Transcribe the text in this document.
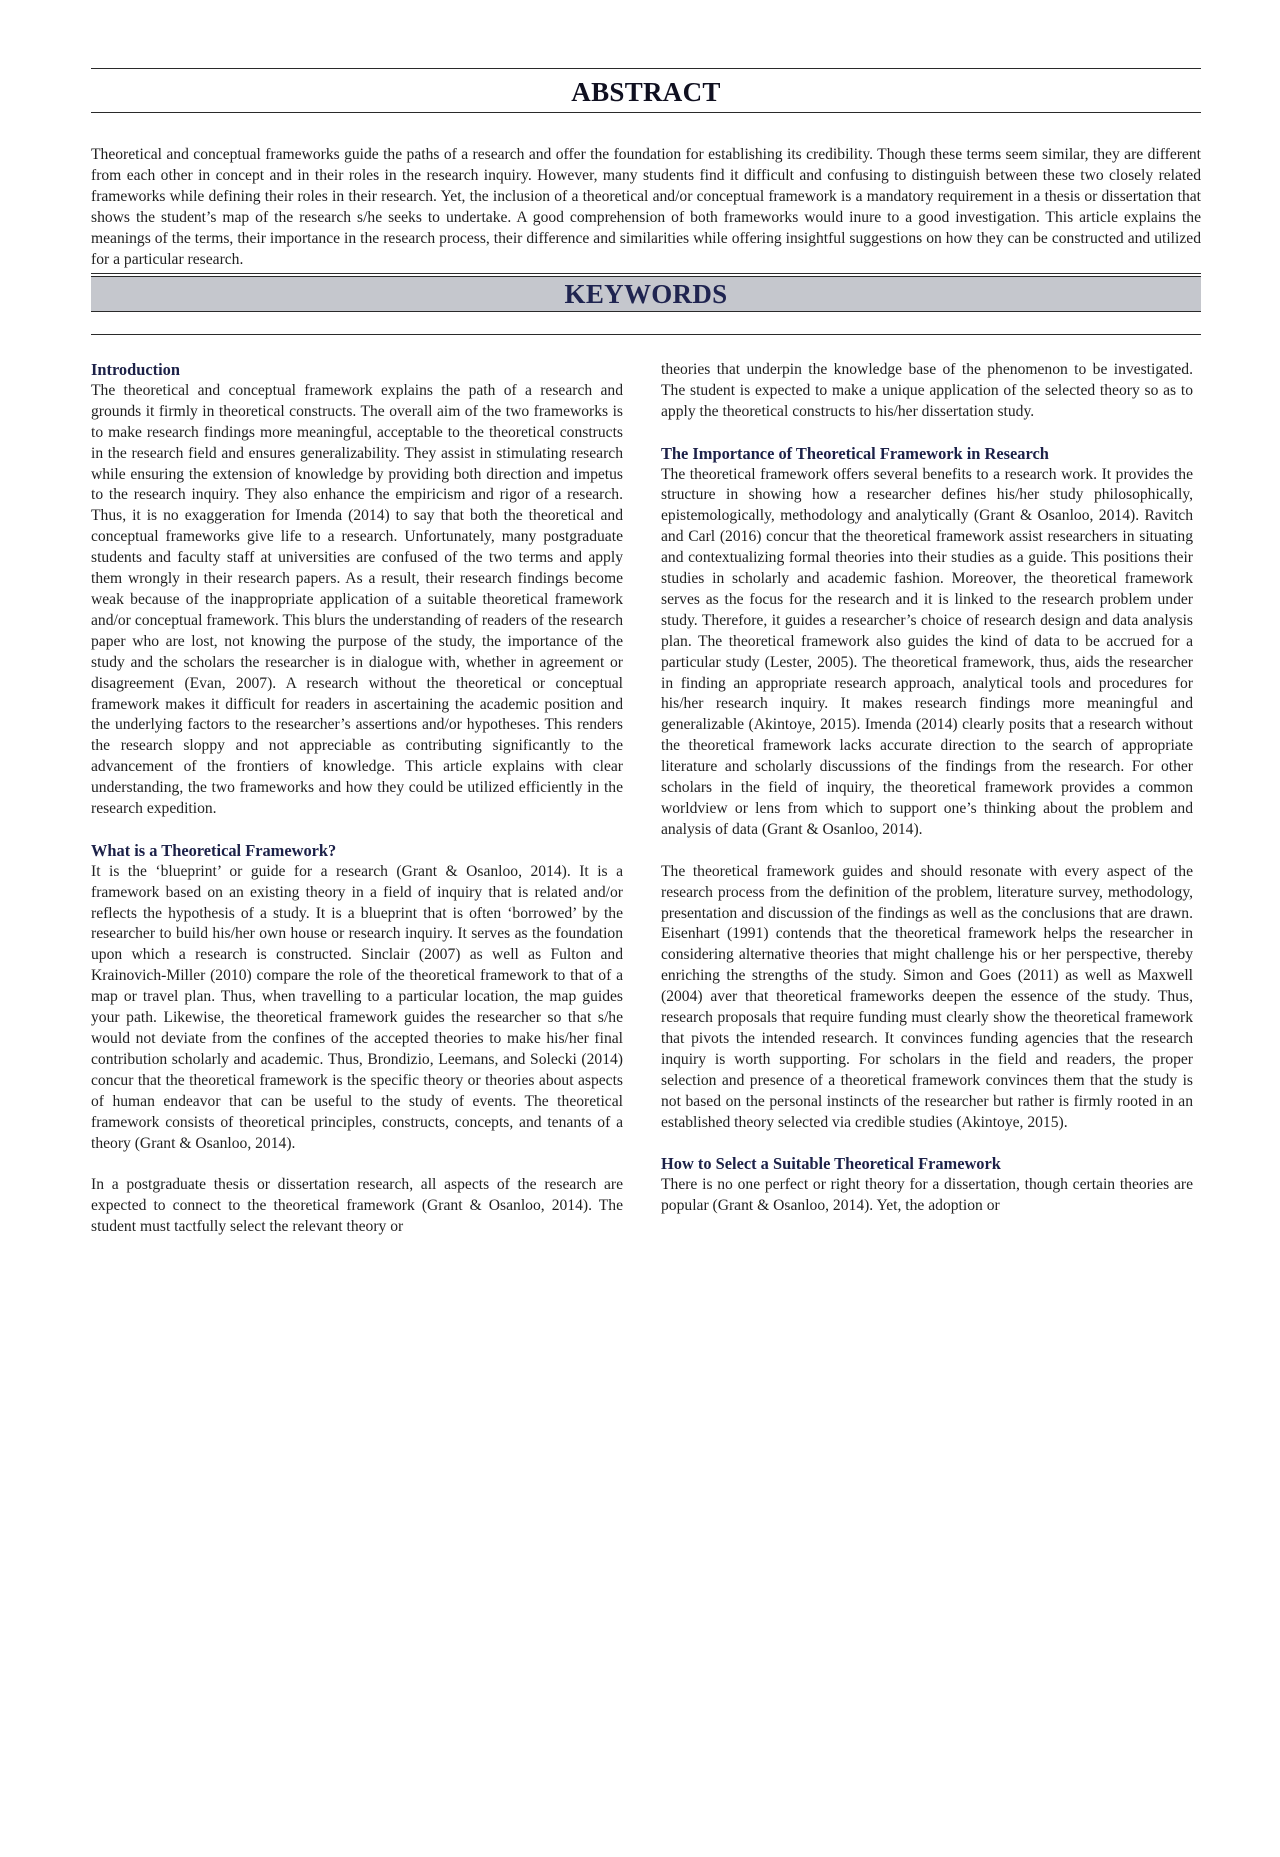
ABSTRACT

Theoretical and conceptual frameworks guide the paths of a research and offer the foundation for establishing its credibility. Though these terms seem similar, they are different from each other in concept and in their roles in the research inquiry. However, many students find it difficult and confusing to distinguish between these two closely related frameworks while defining their roles in their research. Yet, the inclusion of a theoretical and/or conceptual framework is a mandatory requirement in a thesis or dissertation that shows the student’s map of the research s/he seeks to undertake. A good comprehension of both frameworks would inure to a good investigation. This article explains the meanings of the terms, their importance in the research process, their difference and similarities while offering insightful suggestions on how they can be constructed and utilized for a particular research.

KEYWORDS
Introduction

The theoretical and conceptual framework explains the path of a research and grounds it firmly in theoretical constructs. The overall aim of the two frameworks is to make research findings more meaningful, acceptable to the theoretical constructs in the research field and ensures generalizability. They assist in stimulating research while ensuring the extension of knowledge by providing both direction and impetus to the research inquiry. They also enhance the empiricism and rigor of a research. Thus, it is no exaggeration for Imenda (2014) to say that both the theoretical and conceptual frameworks give life to a research. Unfortunately, many postgraduate students and faculty staff at universities are confused of the two terms and apply them wrongly in their research papers. As a result, their research findings become weak because of the inappropriate application of a suitable theoretical framework and/or conceptual framework. This blurs the understanding of readers of the research paper who are lost, not knowing the purpose of the study, the importance of the study and the scholars the researcher is in dialogue with, whether in agreement or disagreement (Evan, 2007). A research without the theoretical or conceptual framework makes it difficult for readers in ascertaining the academic position and the underlying factors to the researcher’s assertions and/or hypotheses. This renders the research sloppy and not appreciable as contributing significantly to the advancement of the frontiers of knowledge. This article explains with clear understanding, the two frameworks and how they could be utilized efficiently in the research expedition.

What is a Theoretical Framework?

It is the ‘blueprint’ or guide for a research (Grant & Osanloo, 2014). It is a framework based on an existing theory in a field of inquiry that is related and/or reflects the hypothesis of a study. It is a blueprint that is often ‘borrowed’ by the researcher to build his/her own house or research inquiry. It serves as the foundation upon which a research is constructed. Sinclair (2007) as well as Fulton and Krainovich-Miller (2010) compare the role of the theoretical framework to that of a map or travel plan. Thus, when travelling to a particular location, the map guides your path. Likewise, the theoretical framework guides the researcher so that s/he would not deviate from the confines of the accepted theories to make his/her final contribution scholarly and academic. Thus, Brondizio, Leemans, and Solecki (2014) concur that the theoretical framework is the specific theory or theories about aspects of human endeavor that can be useful to the study of events. The theoretical framework consists of theoretical principles, constructs, concepts, and tenants of a theory (Grant & Osanloo, 2014).

In a postgraduate thesis or dissertation research, all aspects of the research are expected to connect to the theoretical framework (Grant & Osanloo, 2014). The student must tactfully select the relevant theory or

theories that underpin the knowledge base of the phenomenon to be investigated. The student is expected to make a unique application of the selected theory so as to apply the theoretical constructs to his/her dissertation study.

The Importance of Theoretical Framework in Research

The theoretical framework offers several benefits to a research work. It provides the structure in showing how a researcher defines his/her study philosophically, epistemologically, methodology and analytically (Grant & Osanloo, 2014). Ravitch and Carl (2016) concur that the theoretical framework assist researchers in situating and contextualizing formal theories into their studies as a guide. This positions their studies in scholarly and academic fashion. Moreover, the theoretical framework serves as the focus for the research and it is linked to the research problem under study. Therefore, it guides a researcher’s choice of research design and data analysis plan. The theoretical framework also guides the kind of data to be accrued for a particular study (Lester, 2005). The theoretical framework, thus, aids the researcher in finding an appropriate research approach, analytical tools and procedures for his/her research inquiry. It makes research findings more meaningful and generalizable (Akintoye, 2015). Imenda (2014) clearly posits that a research without the theoretical framework lacks accurate direction to the search of appropriate literature and scholarly discussions of the findings from the research. For other scholars in the field of inquiry, the theoretical framework provides a common worldview or lens from which to support one’s thinking about the problem and analysis of data (Grant & Osanloo, 2014).

The theoretical framework guides and should resonate with every aspect of the research process from the definition of the problem, literature survey, methodology, presentation and discussion of the findings as well as the conclusions that are drawn. Eisenhart (1991) contends that the theoretical framework helps the researcher in considering alternative theories that might challenge his or her perspective, thereby enriching the strengths of the study. Simon and Goes (2011) as well as Maxwell (2004) aver that theoretical frameworks deepen the essence of the study. Thus, research proposals that require funding must clearly show the theoretical framework that pivots the intended research. It convinces funding agencies that the research inquiry is worth supporting. For scholars in the field and readers, the proper selection and presence of a theoretical framework convinces them that the study is not based on the personal instincts of the researcher but rather is firmly rooted in an established theory selected via credible studies (Akintoye, 2015).

How to Select a Suitable Theoretical Framework

There is no one perfect or right theory for a dissertation, though certain theories are popular (Grant & Osanloo, 2014). Yet, the adoption or
